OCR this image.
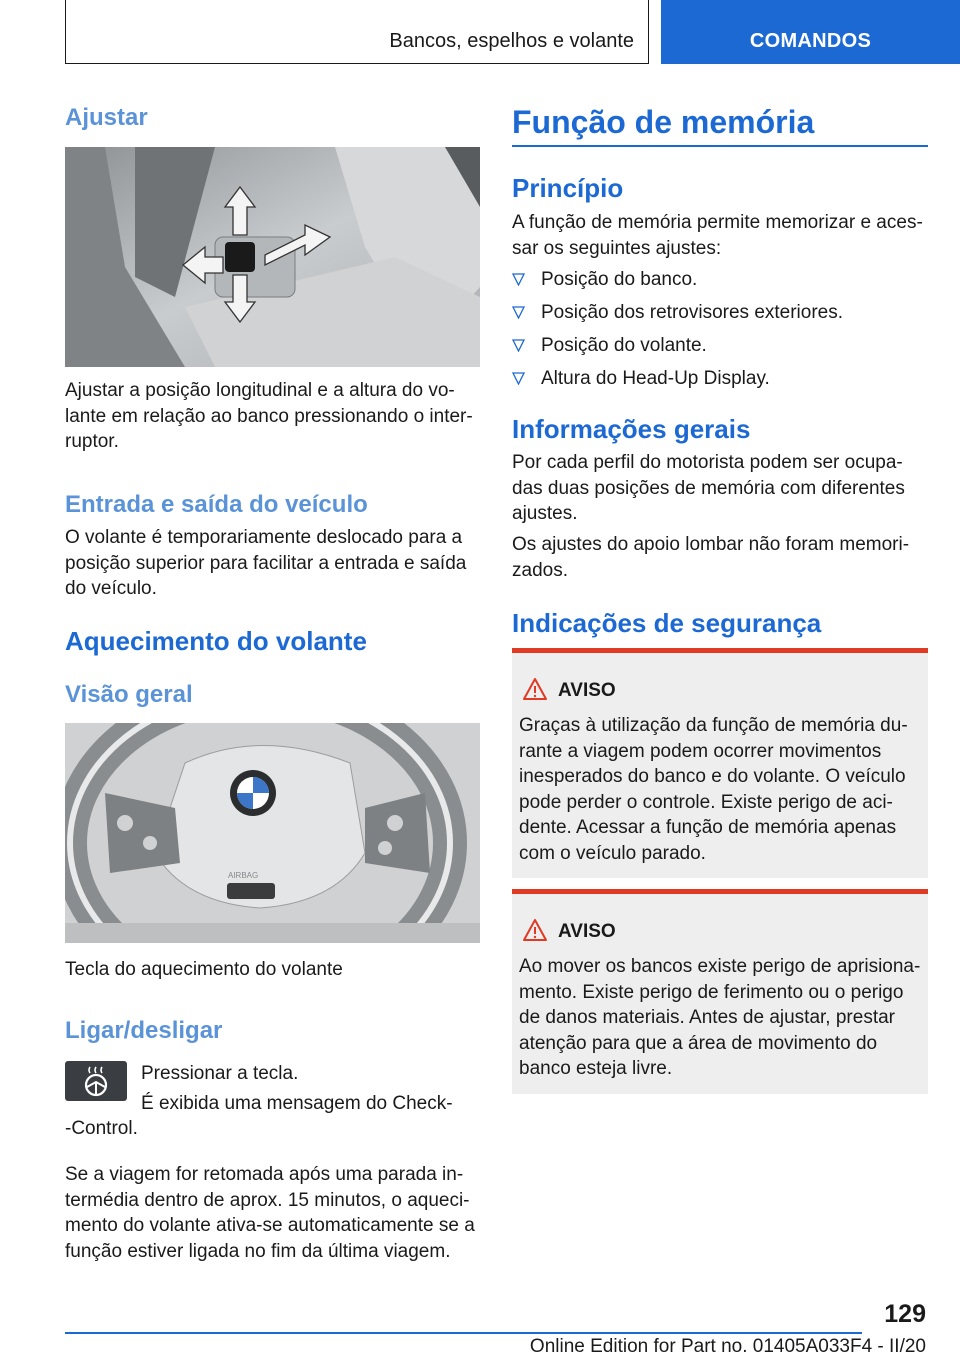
Bancos, espelhos e volante	COMANDOS
Ajustar

Ajustar a posição longitudinal e a altura do vo-
lante em relação ao banco pressionando o inter-
ruptor.

Entrada e saída do veículo

O volante é temporariamente deslocado para a
posição superior para facilitar a entrada e saída
do veículo.

Aquecimento do volante
Visão geral
AIRBAG

Tecla do aquecimento do volante

Ligar/desligar

Pressionar a tecla.

É exibida uma mensagem do Check-

-Control.

Se a viagem for retomada após uma parada in-
termédia dentro de aprox. 15 minutos, o aqueci-
mento do volante ativa-se automaticamente se a
função estiver ligada no fim da última viagem.

Função de memória
Princípio

A função de memória permite memorizar e aces-
sar os seguintes ajustes:

Posição do banco.
Posição dos retrovisores exteriores.
Posição do volante.
Altura do Head-Up Display.
Informações gerais

Por cada perfil do motorista podem ser ocupa-
das duas posições de memória com diferentes
ajustes.

Os ajustes do apoio lombar não foram memori-
zados.

Indicações de segurança
AVISO
Graças à utilização da função de memória du-
rante a viagem podem ocorrer movimentos
inesperados do banco e do volante. O veículo
pode perder o controle. Existe perigo de aci-
dente. Acessar a função de memória apenas
com o veículo parado.
AVISO
Ao mover os bancos existe perigo de aprisiona-
mento. Existe perigo de ferimento ou o perigo
de danos materiais. Antes de ajustar, prestar
atenção para que a área de movimento do
banco esteja livre.
129
Online Edition for Part no. 01405A033F4 - II/20
